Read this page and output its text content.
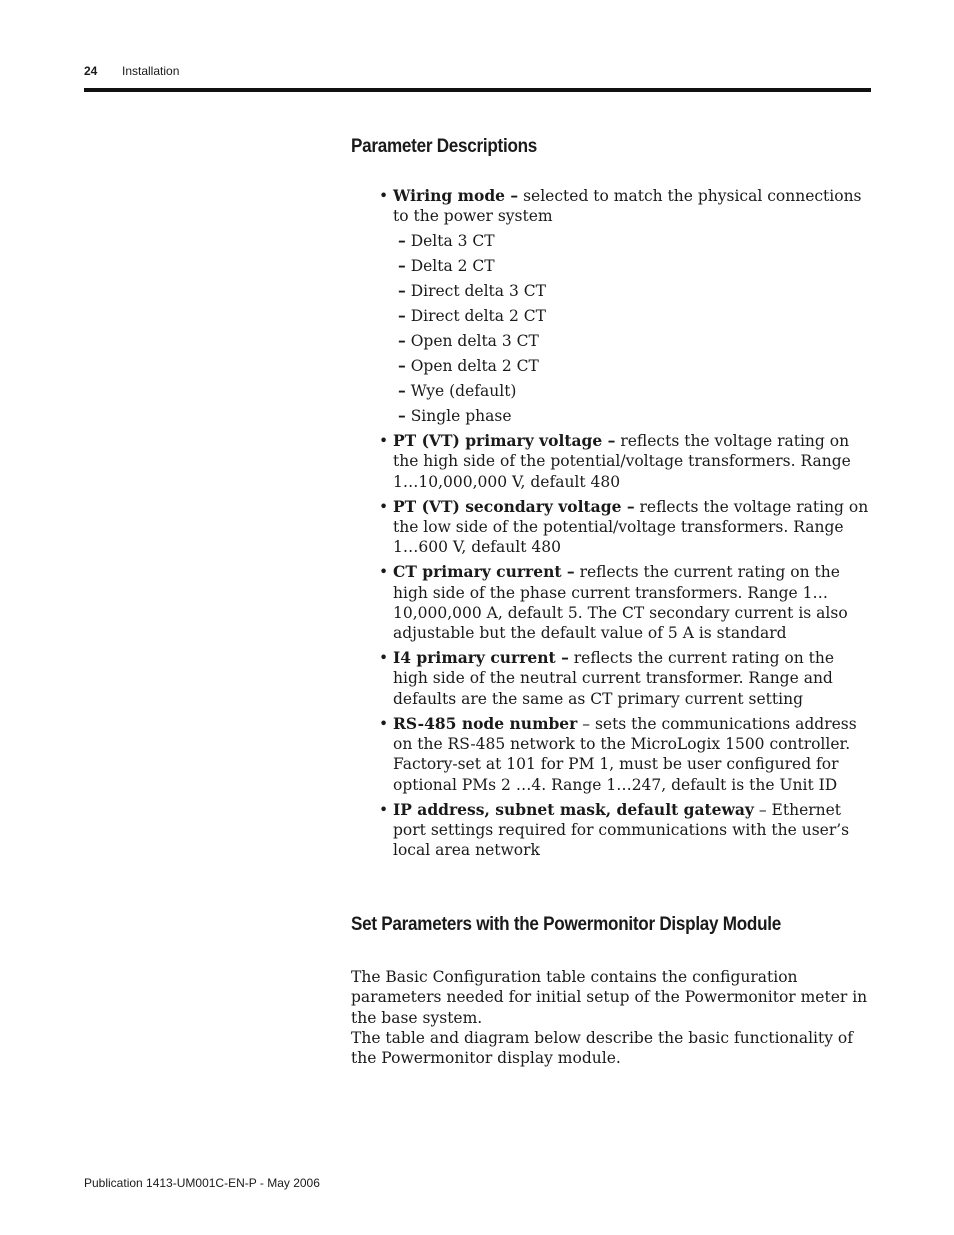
24 Installation
Parameter Descriptions
• Wiring mode – selected to match the physical connections to the power system
– Delta 3 CT
– Delta 2 CT
– Direct delta 3 CT
– Direct delta 2 CT
– Open delta 3 CT
– Open delta 2 CT
– Wye (default)
– Single phase
• PT (VT) primary voltage – reflects the voltage rating on the high side of the potential/voltage transformers. Range 1…10,000,000 V, default 480
• PT (VT) secondary voltage – reflects the voltage rating on the low side of the potential/voltage transformers. Range 1…600 V, default 480
• CT primary current – reflects the current rating on the high side of the phase current transformers. Range 1…10,000,000 A, default 5. The CT secondary current is also adjustable but the default value of 5 A is standard
• I4 primary current – reflects the current rating on the high side of the neutral current transformer. Range and defaults are the same as CT primary current setting
• RS-485 node number – sets the communications address on the RS-485 network to the MicroLogix 1500 controller. Factory-set at 101 for PM 1, must be user configured for optional PMs 2 …4. Range 1…247, default is the Unit ID
• IP address, subnet mask, default gateway – Ethernet port settings required for communications with the user’s local area network
Set Parameters with the Powermonitor Display Module
The Basic Configuration table contains the configuration parameters needed for initial setup of the Powermonitor meter in the base system.
The table and diagram below describe the basic functionality of the Powermonitor display module.
Publication 1413-UM001C-EN-P - May 2006
